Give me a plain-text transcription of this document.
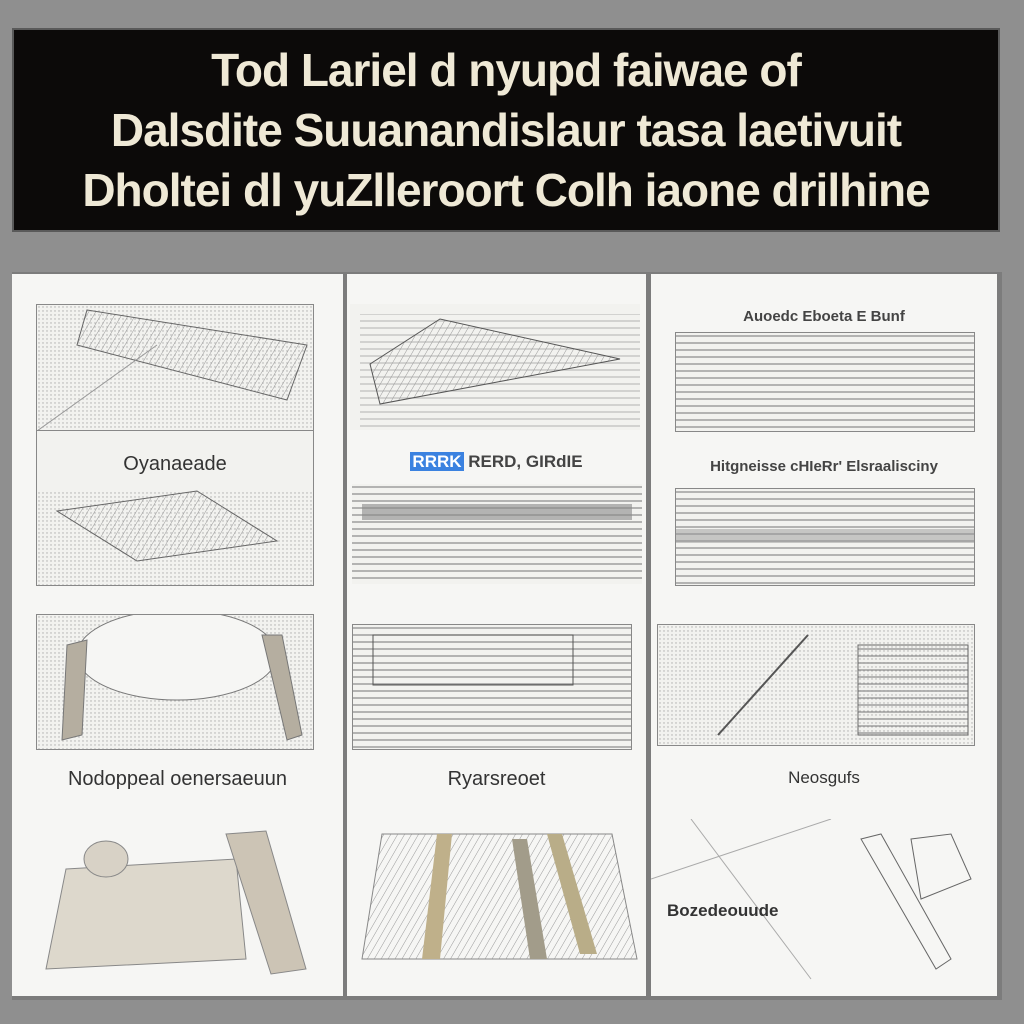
Tod Lariel d nyupd faiwae of
Dalsdite Suuanandislaur tasa laetivuit
Dholtei dl yuZlleroort Colh iaone drilhine
Oyanaeade
Nodoppeal oenersaeuun
RRRK RERD, GIRdIE
Ryarsreoet
Auoedc Eboeta E Bunf
Hitgneisse cHIeRr' Elsraalisciny
Neosgufs
Bozedeouude
